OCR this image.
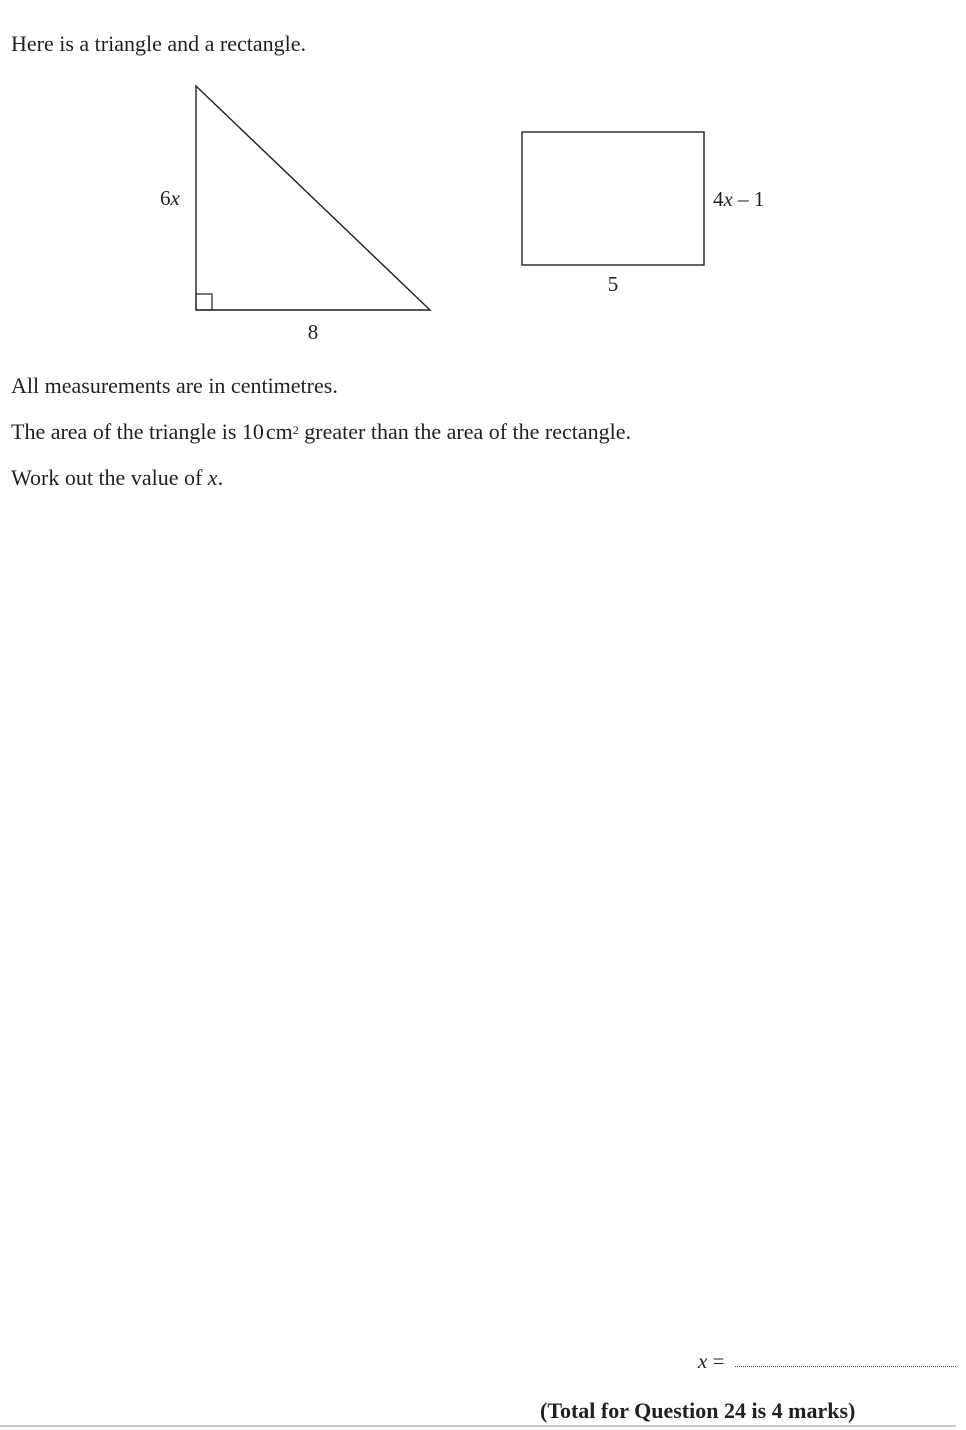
Here is a triangle and a rectangle.
6x
8
4x – 1
5
All measurements are in centimetres.
The area of the triangle is $10cm^2$ greater than the area of the rectangle.
Work out the value of x.
x =
(Total for Question 24 is 4 marks)
